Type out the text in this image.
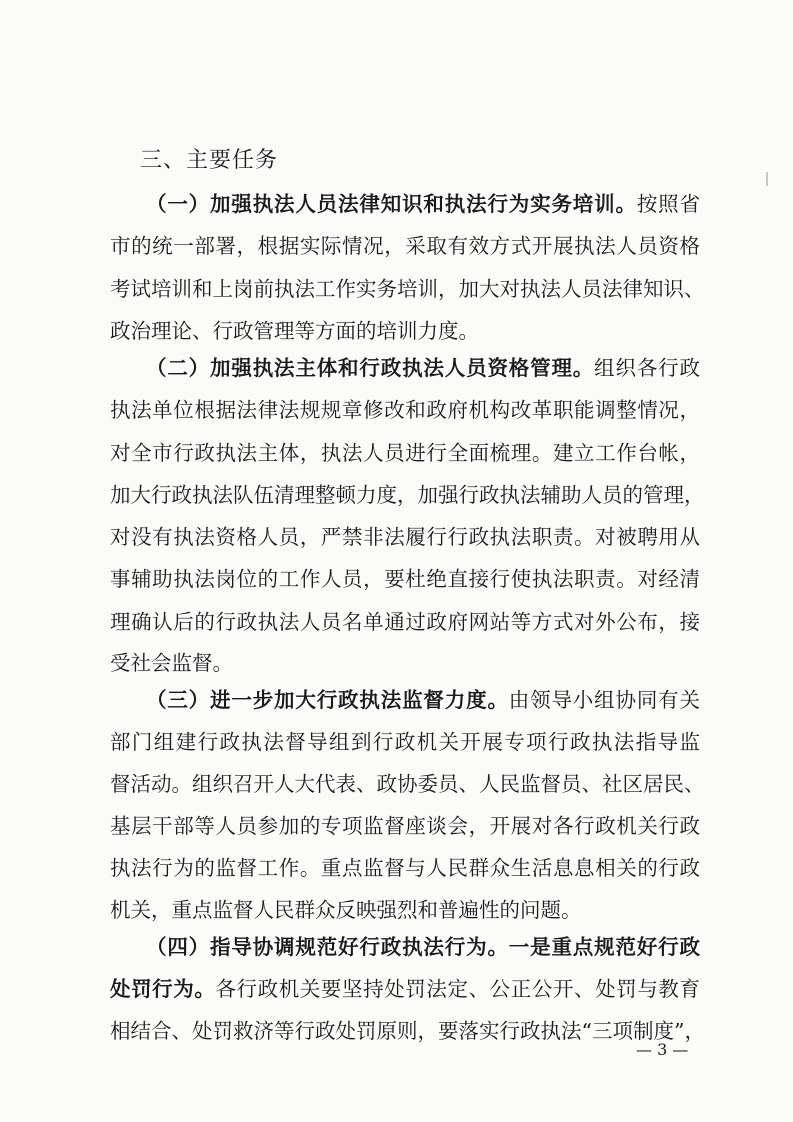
三、主要任务
（一）加强执法人员法律知识和执法行为实务培训。按照省
市的统一部署，根据实际情况，采取有效方式开展执法人员资格
考试培训和上岗前执法工作实务培训，加大对执法人员法律知识、
政治理论、行政管理等方面的培训力度。
（二）加强执法主体和行政执法人员资格管理。组织各行政
执法单位根据法律法规规章修改和政府机构改革职能调整情况，
对全市行政执法主体，执法人员进行全面梳理。建立工作台帐，
加大行政执法队伍清理整顿力度，加强行政执法辅助人员的管理，
对没有执法资格人员，严禁非法履行行政执法职责。对被聘用从
事辅助执法岗位的工作人员，要杜绝直接行使执法职责。对经清
理确认后的行政执法人员名单通过政府网站等方式对外公布，接
受社会监督。
（三）进一步加大行政执法监督力度。由领导小组协同有关
部门组建行政执法督导组到行政机关开展专项行政执法指导监
督活动。组织召开人大代表、政协委员、人民监督员、社区居民、
基层干部等人员参加的专项监督座谈会，开展对各行政机关行政
执法行为的监督工作。重点监督与人民群众生活息息相关的行政
机关，重点监督人民群众反映强烈和普遍性的问题。
（四）指导协调规范好行政执法行为。一是重点规范好行政
处罚行为。各行政机关要坚持处罚法定、公正公开、处罚与教育
相结合、处罚救济等行政处罚原则，要落实行政执法“三项制度”，
— 3 —
